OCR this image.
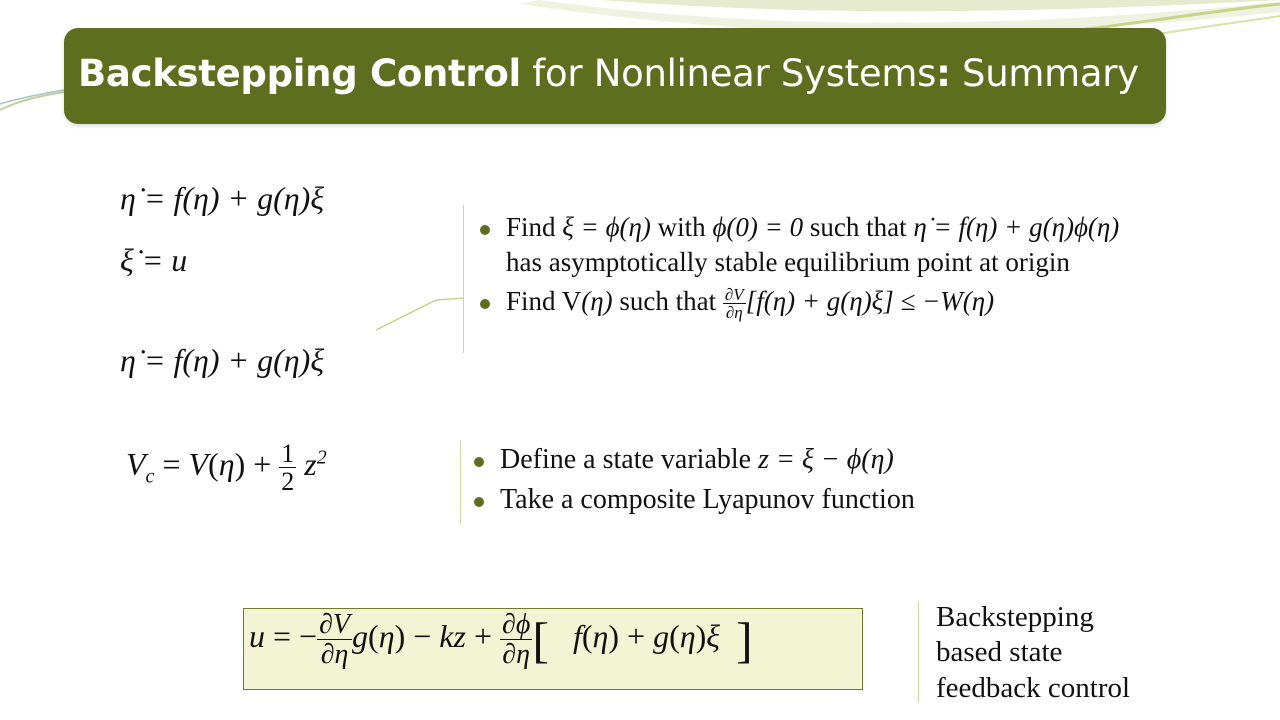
Backstepping Control for Nonlinear Systems: Summary
η̇ = f(η) + g(η)ξ
ξ̇ = u
η̇ = f(η) + g(η)ξ
$V_c = V(\eta) + \frac{1}{2} z^2$
Find ξ = ϕ(η) with ϕ(0) = 0 such that η̇ = f(η) + g(η)ϕ(η)
has asymptotically stable equilibrium point at origin
Find V(η) such that $\frac{\partial V}{\partial\eta} [f(\eta) + g(\eta)\xi] \le -W(\eta)$
Define a state variable z = ξ − ϕ(η)
Take a composite Lyapunov function
u = − $\frac{\partial V}{\partial\eta} g(\eta)$ − kz + $\frac{\partial\phi}{\partial\eta}$ [   f(η) + g(η)ξ  ]	Backstepping
based state
feedback control
